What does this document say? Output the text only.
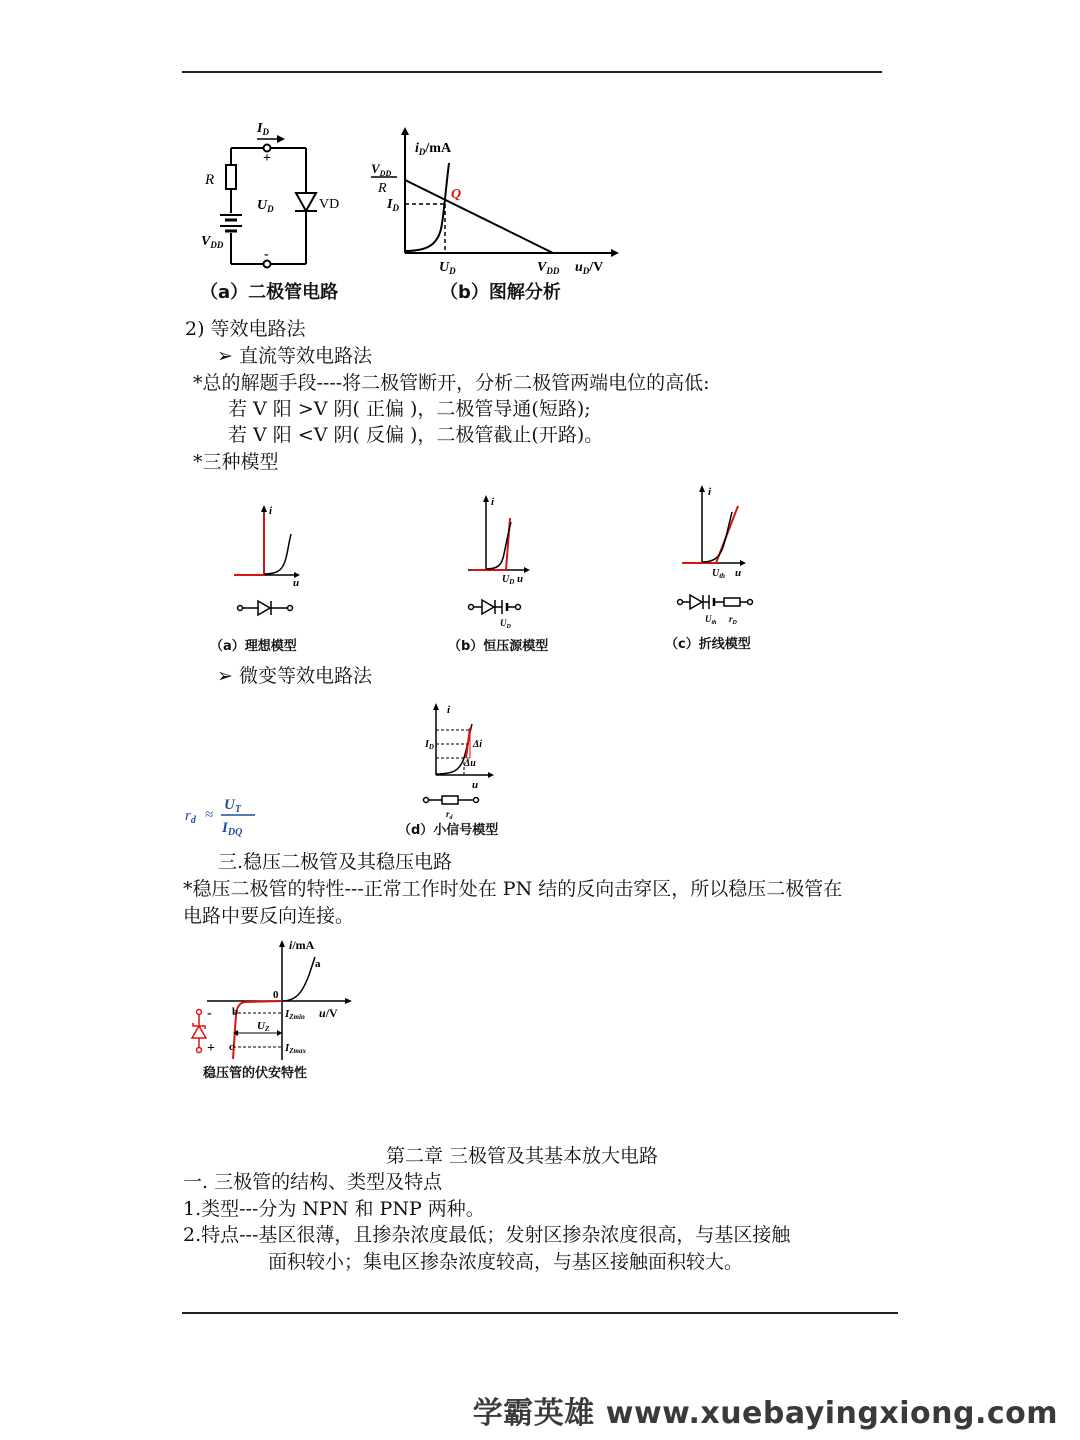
$I_D$
+
-
R
$U_D$	VD
$V_{DD}$
（a）二极管电路
$i_D/mA$
$V_{DD}$
R
$I_D$
Q
$U_D$	$V_{DD}$ $u_D/V$
（b）图解分析
2) 等效电路法
➢ 直流等效电路法
*总的解题手段----将二极管断开，分析二极管两端电位的高低:
若 V 阳 >V 阴( 正偏 )，二极管导通(短路);
若 V 阳 <V 阴( 反偏 )，二极管截止(开路)。
*三种模型
i
u
（a）理想模型
i
$U_D$ u
$U_D$
（b）恒压源模型
i
$U_{th}$ u
$U_{th}$ $r_D$
（c）折线模型
➢ 微变等效电路法
i
$I_D$	Δi
Δu
u
$r_d$
（d）小信号模型
$r_d$ ≈
$U_T$
$I_{DQ}$
三.稳压二极管及其稳压电路
*稳压二极管的特性---正常工作时处在 PN 结的反向击穿区，所以稳压二极管在
电路中要反向连接。
i/mA
0
a
b
c
UZ
IZmin
IZmax
u/V
-
+
稳压管的伏安特性
第二章 三极管及其基本放大电路
一. 三极管的结构、类型及特点
1.类型---分为 NPN 和 PNP 两种。
2.特点---基区很薄，且掺杂浓度最低；发射区掺杂浓度很高，与基区接触
面积较小；集电区掺杂浓度较高，与基区接触面积较大。
学霸英雄 www.xuebayingxiong.com
